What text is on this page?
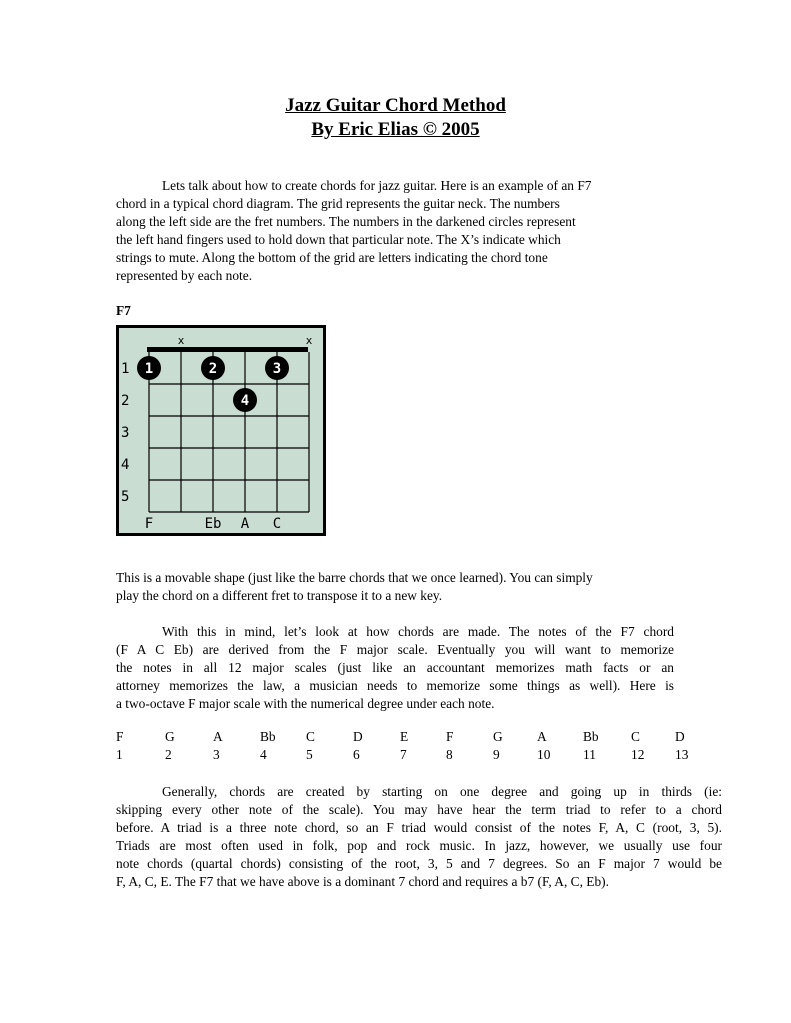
Jazz Guitar Chord Method
By Eric Elias © 2005
Lets talk about how to create chords for jazz guitar. Here is an example of an F7
chord in a typical chord diagram. The grid represents the guitar neck. The numbers
along the left side are the fret numbers. The numbers in the darkened circles represent
the left hand fingers used to hold down that particular note. The X’s indicate which
strings to mute. Along the bottom of the grid are letters indicating the chord tone
represented by each note.
F7
1
2
3
4
5
x	x
F	Eb A C
1	2	3
4
This is a movable shape (just like the barre chords that we once learned). You can simply
play the chord on a different fret to transpose it to a new key.
With this in mind, let’s look at how chords are made. The notes of the F7 chord
(F A C Eb) are derived from the F major scale. Eventually you will want to memorize
the notes in all 12 major scales (just like an accountant memorizes math facts or an
attorney memorizes the law, a musician needs to memorize some things as well). Here is
a two-octave F major scale with the numerical degree under each note.
F	G	A	Bb C	D	E	F	G	A	Bb C	D
1	2	3	4	5	6	7	8	9	10 11	12 13
Generally, chords are created by starting on one degree and going up in thirds (ie:
skipping every other note of the scale). You may have hear the term triad to refer to a chord
before. A triad is a three note chord, so an F triad would consist of the notes F, A, C (root, 3, 5).
Triads are most often used in folk, pop and rock music. In jazz, however, we usually use four
note chords (quartal chords) consisting of the root, 3, 5 and 7 degrees. So an F major 7 would be
F, A, C, E. The F7 that we have above is a dominant 7 chord and requires a b7 (F, A, C, Eb).
